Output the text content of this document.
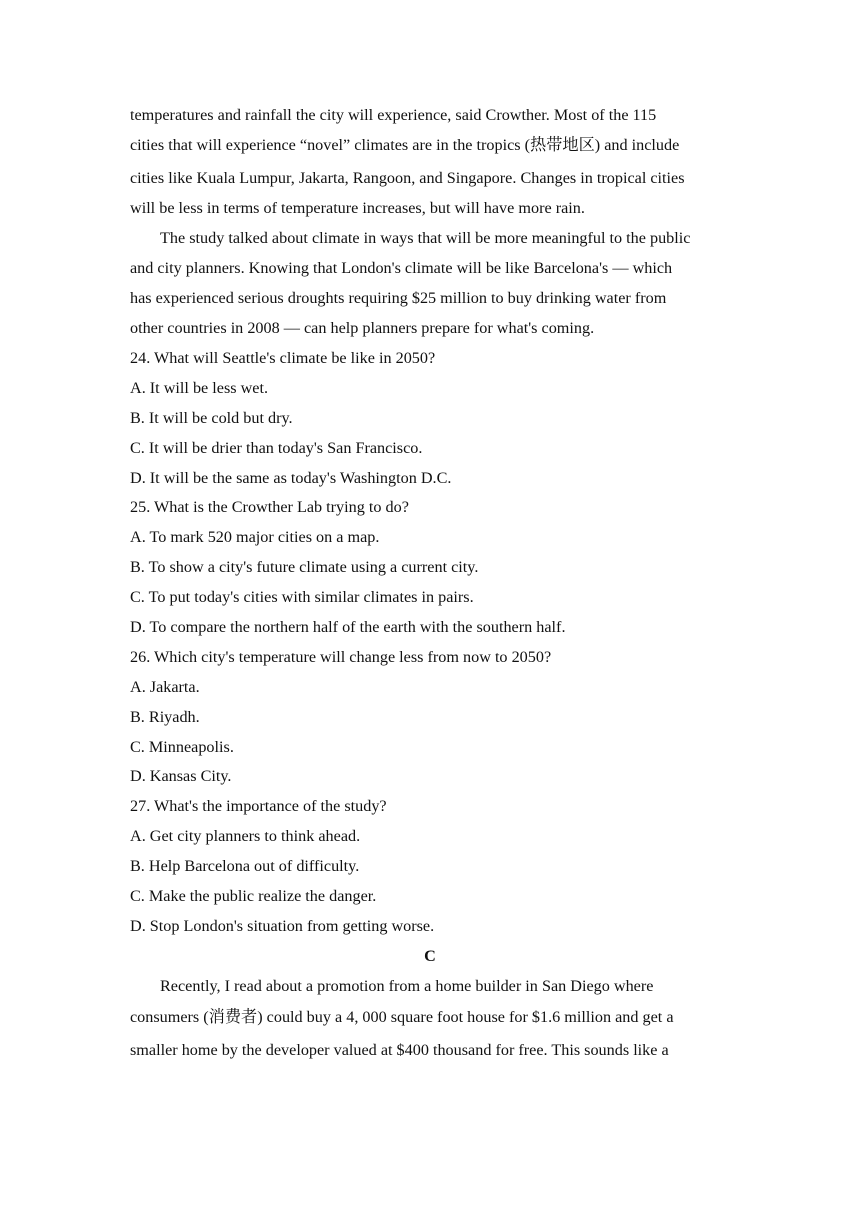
temperatures and rainfall the city will experience, said Crowther. Most of the 115
cities that will experience “novel” climates are in the tropics (热带地区) and include
cities like Kuala Lumpur, Jakarta, Rangoon, and Singapore. Changes in tropical cities
will be less in terms of temperature increases, but will have more rain.
The study talked about climate in ways that will be more meaningful to the public
and city planners. Knowing that London's climate will be like Barcelona's — which
has experienced serious droughts requiring $25 million to buy drinking water from
other countries in 2008 — can help planners prepare for what's coming.
24. What will Seattle's climate be like in 2050?
A. It will be less wet.
B. It will be cold but dry.
C. It will be drier than today's San Francisco.
D. It will be the same as today's Washington D.C.
25. What is the Crowther Lab trying to do?
A. To mark 520 major cities on a map.
B. To show a city's future climate using a current city.
C. To put today's cities with similar climates in pairs.
D. To compare the northern half of the earth with the southern half.
26. Which city's temperature will change less from now to 2050?
A. Jakarta.
B. Riyadh.
C. Minneapolis.
D. Kansas City.
27. What's the importance of the study?
A. Get city planners to think ahead.
B. Help Barcelona out of difficulty.
C. Make the public realize the danger.
D. Stop London's situation from getting worse.
C
Recently, I read about a promotion from a home builder in San Diego where
consumers (消费者) could buy a 4, 000 square foot house for $1.6 million and get a
smaller home by the developer valued at $400 thousand for free. This sounds like a
